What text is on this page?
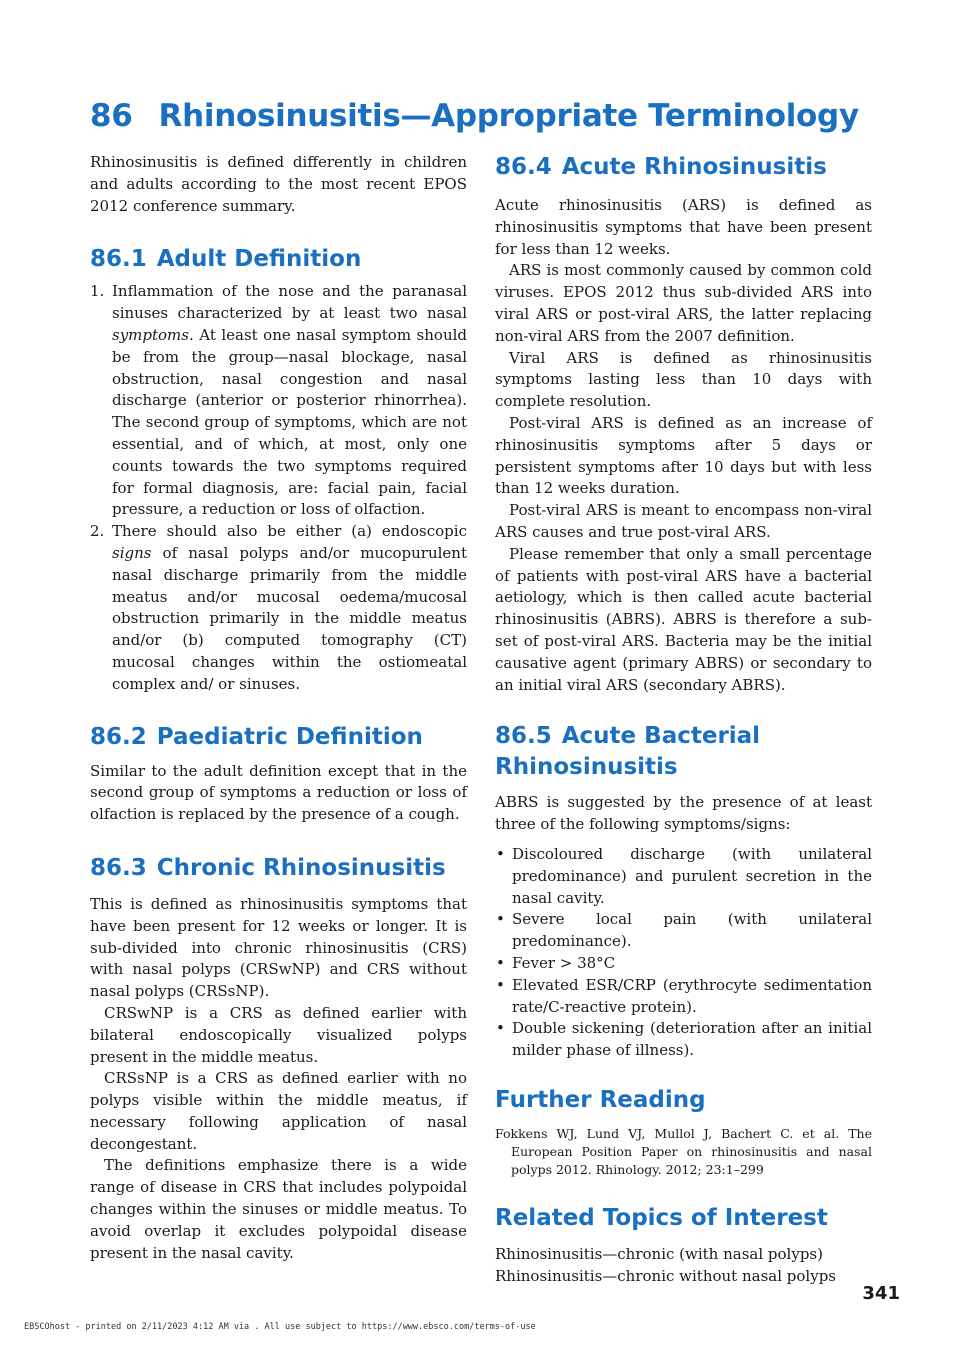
86 Rhinosinusitis—Appropriate Terminology

Rhinosinusitis is defined differently in children and adults according to the most recent EPOS 2012 conference summary.

86.1 Adult Definition
1. Inflammation of the nose and the paranasal sinuses characterized by at least two nasal symptoms. At least one nasal symptom should be from the group—nasal blockage, nasal obstruction, nasal congestion and nasal discharge (anterior or posterior rhinorrhea). The second group of symptoms, which are not essential, and of which, at most, only one counts towards the two symptoms required for formal diagnosis, are: facial pain, facial pressure, a reduction or loss of olfaction.
2. There should also be either (a) endoscopic signs of nasal polyps and/or mucopurulent nasal discharge primarily from the middle meatus and/or mucosal oedema/mucosal obstruction primarily in the middle meatus and/or (b) computed tomography (CT) mucosal changes within the ostiomeatal complex and/ or sinuses.
86.2 Paediatric Definition

Similar to the adult definition except that in the second group of symptoms a reduction or loss of olfaction is replaced by the presence of a cough.

86.3 Chronic Rhinosinusitis

This is defined as rhinosinusitis symptoms that have been present for 12 weeks or longer. It is sub-divided into chronic rhinosinusitis (CRS) with nasal polyps (CRSwNP) and CRS without nasal polyps (CRSsNP).

CRSwNP is a CRS as defined earlier with bilateral endoscopically visualized polyps present in the middle meatus.

CRSsNP is a CRS as defined earlier with no polyps visible within the middle meatus, if necessary following application of nasal decongestant.

The definitions emphasize there is a wide range of disease in CRS that includes polypoidal changes within the sinuses or middle meatus. To avoid overlap it excludes polypoidal disease present in the nasal cavity.

86.4 Acute Rhinosinusitis

Acute rhinosinusitis (ARS) is defined as rhinosinusitis symptoms that have been present for less than 12 weeks.

ARS is most commonly caused by common cold viruses. EPOS 2012 thus sub-divided ARS into viral ARS or post-viral ARS, the latter replacing non-viral ARS from the 2007 definition.

Viral ARS is defined as rhinosinusitis symptoms lasting less than 10 days with complete resolution.

Post-viral ARS is defined as an increase of rhinosinusitis symptoms after 5 days or persistent symptoms after 10 days but with less than 12 weeks duration.

Post-viral ARS is meant to encompass non-viral ARS causes and true post-viral ARS.

Please remember that only a small percentage of patients with post-viral ARS have a bacterial aetiology, which is then called acute bacterial rhinosinusitis (ABRS). ABRS is therefore a sub-set of post-viral ARS. Bacteria may be the initial causative agent (primary ABRS) or secondary to an initial viral ARS (secondary ABRS).

86.5 Acute Bacterial
Rhinosinusitis

ABRS is suggested by the presence of at least three of the following symptoms/signs:

• Discoloured discharge (with unilateral predominance) and purulent secretion in the nasal cavity.
• Severe local pain (with unilateral predominance).
• Fever > 38°C
• Elevated ESR/CRP (erythrocyte sedimentation rate/C-reactive protein).
• Double sickening (deterioration after an initial milder phase of illness).
Further Reading

Fokkens WJ, Lund VJ, Mullol J, Bachert C. et al. The European Position Paper on rhinosinusitis and nasal polyps 2012. Rhinology. 2012; 23:1–299

Related Topics of Interest

Rhinosinusitis—chronic (with nasal polyps)

Rhinosinusitis—chronic without nasal polyps

341
EBSCOhost - printed on 2/11/2023 4:12 AM via . All use subject to https://www.ebsco.com/terms-of-use
